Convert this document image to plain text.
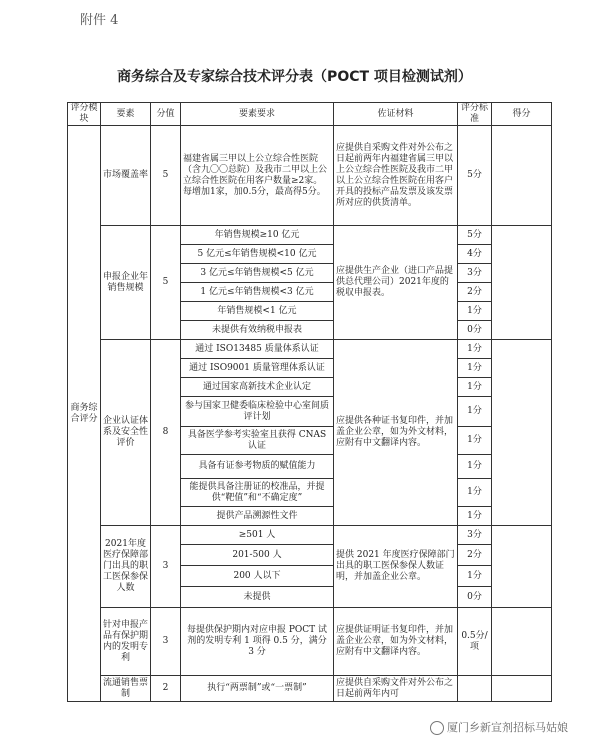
附件 4
商务综合及专家综合技术评分表（POCT 项目检测试剂）
评分模块	要素	分值	要素要求	佐证材料	评分标准	得分
商务综合评分	市场覆盖率	5	福建省属三甲以上公立综合性医院（含九〇〇总院）及我市二甲以上公立综合性医院在用客户数量≥2家。每增加1家，加0.5分，最高得5分。	应提供自采购文件对外公布之日起前两年内福建省属三甲以上公立综合性医院及我市二甲以上公立综合性医院在用客户开具的投标产品发票及该发票所对应的供货清单。	5分	
	申报企业年销售规模	5	年销售规模≥10 亿元	应提供生产企业（进口产品提供总代理公司）2021年度的税収申报表。	5分	
			5 亿元≤年销售规模<10 亿元		4分	
			3 亿元≤年销售规模<5 亿元		3分	
			1 亿元≤年销售规模<3 亿元		2分	
			年销售规模<1 亿元		1分	
			未提供有效纳税申报表		0分	
	企业认证体系及安全性评价	8	通过 ISO13485 质量体系认证	应提供各种证书复印件，并加盖企业公章，如为外文材料，应附有中文翻译内容。	1分	
			通过 ISO9001 质量管理体系认证		1分	
			通过国家高新技术企业认定		1分	
			参与国家卫健委临床检验中心室间质评计划		1分	
			具备医学参考实验室且获得 CNAS 认证		1分	
			具备有证参考物质的赋值能力		1分	
			能提供具备注册证的校准品，并提供“靶值”和“不确定度”		1分	
			提供产品溯源性文件		1分	
	2021年度医疗保障部门出具的职工医保参保人数	3	≥501 人	提供 2021 年度医疗保障部门出具的职工医保参保人数证明，并加盖企业公章。	3分	
			201-500 人		2分	
			200 人以下		1分	
			未提供		0分	
	针对申报产品有保护期内的发明专利	3	每提供保护期内对应申报 POCT 试剂的发明专利 1 项得 0.5 分，满分 3 分	应提供证明证书复印件，并加盖企业公章，如为外文材料，应附有中文翻译内容。	0.5分/项	
	流通销售票制	2	执行“两票制”或“一票制”	应提供自采购文件对外公布之日起前两年内可		
厦门乡新宣剂招标马姑娘
